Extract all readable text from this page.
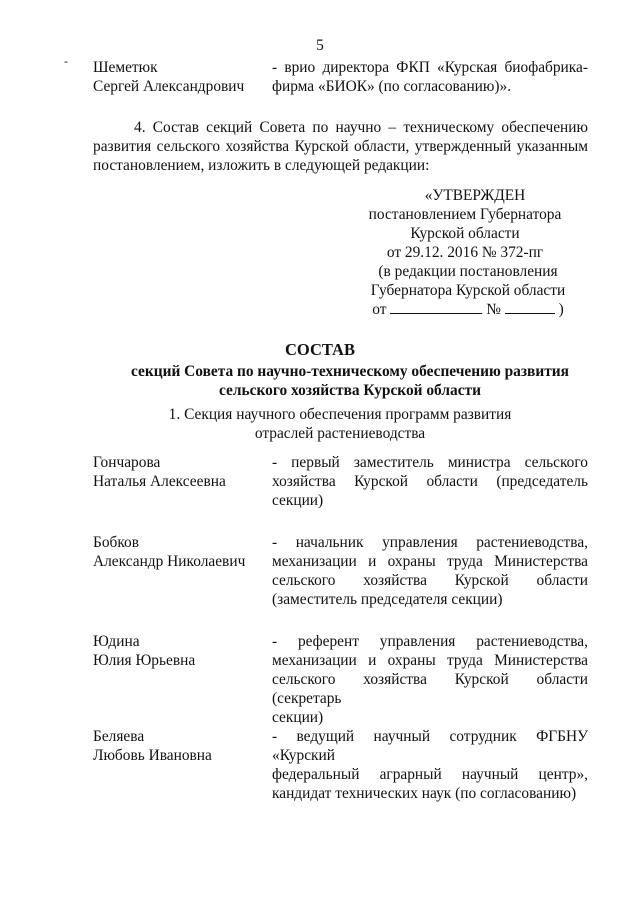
5
- Шеметюк
Сергей Александрович
- врио директора ФКП «Курская биофабрика-
фирма «БИОК» (по согласованию)».
4. Состав секций Совета по научно – техническому обеспечению
развития сельского хозяйства Курской области, утвержденный указанным
постановлением, изложить в следующей редакции:
«УТВЕРЖДЕН
постановлением Губернатора
Курской области
от 29.12. 2016 № 372-пг
(в редакции постановления
Губернатора Курской области
от	№	)
СОСТАВ
секций Совета по научно-техническому обеспечению развития
сельского хозяйства Курской области
1. Секция научного обеспечения программ развития
отраслей растениеводства
Гончарова
Наталья Алексеевна
- первый заместитель министра сельского
хозяйства Курской области (председатель
секции)
Бобков
Александр Николаевич
- начальник управления растениеводства,
механизации и охраны труда Министерства
сельского хозяйства Курской области
(заместитель председателя секции)
Юдина
Юлия Юрьевна
- референт управления растениеводства,
механизации и охраны труда Министерства
сельского хозяйства Курской области (секретарь
секции)
Беляева
Любовь Ивановна
- ведущий научный сотрудник ФГБНУ «Курский
федеральный аграрный научный центр»,
кандидат технических наук (по согласованию)
